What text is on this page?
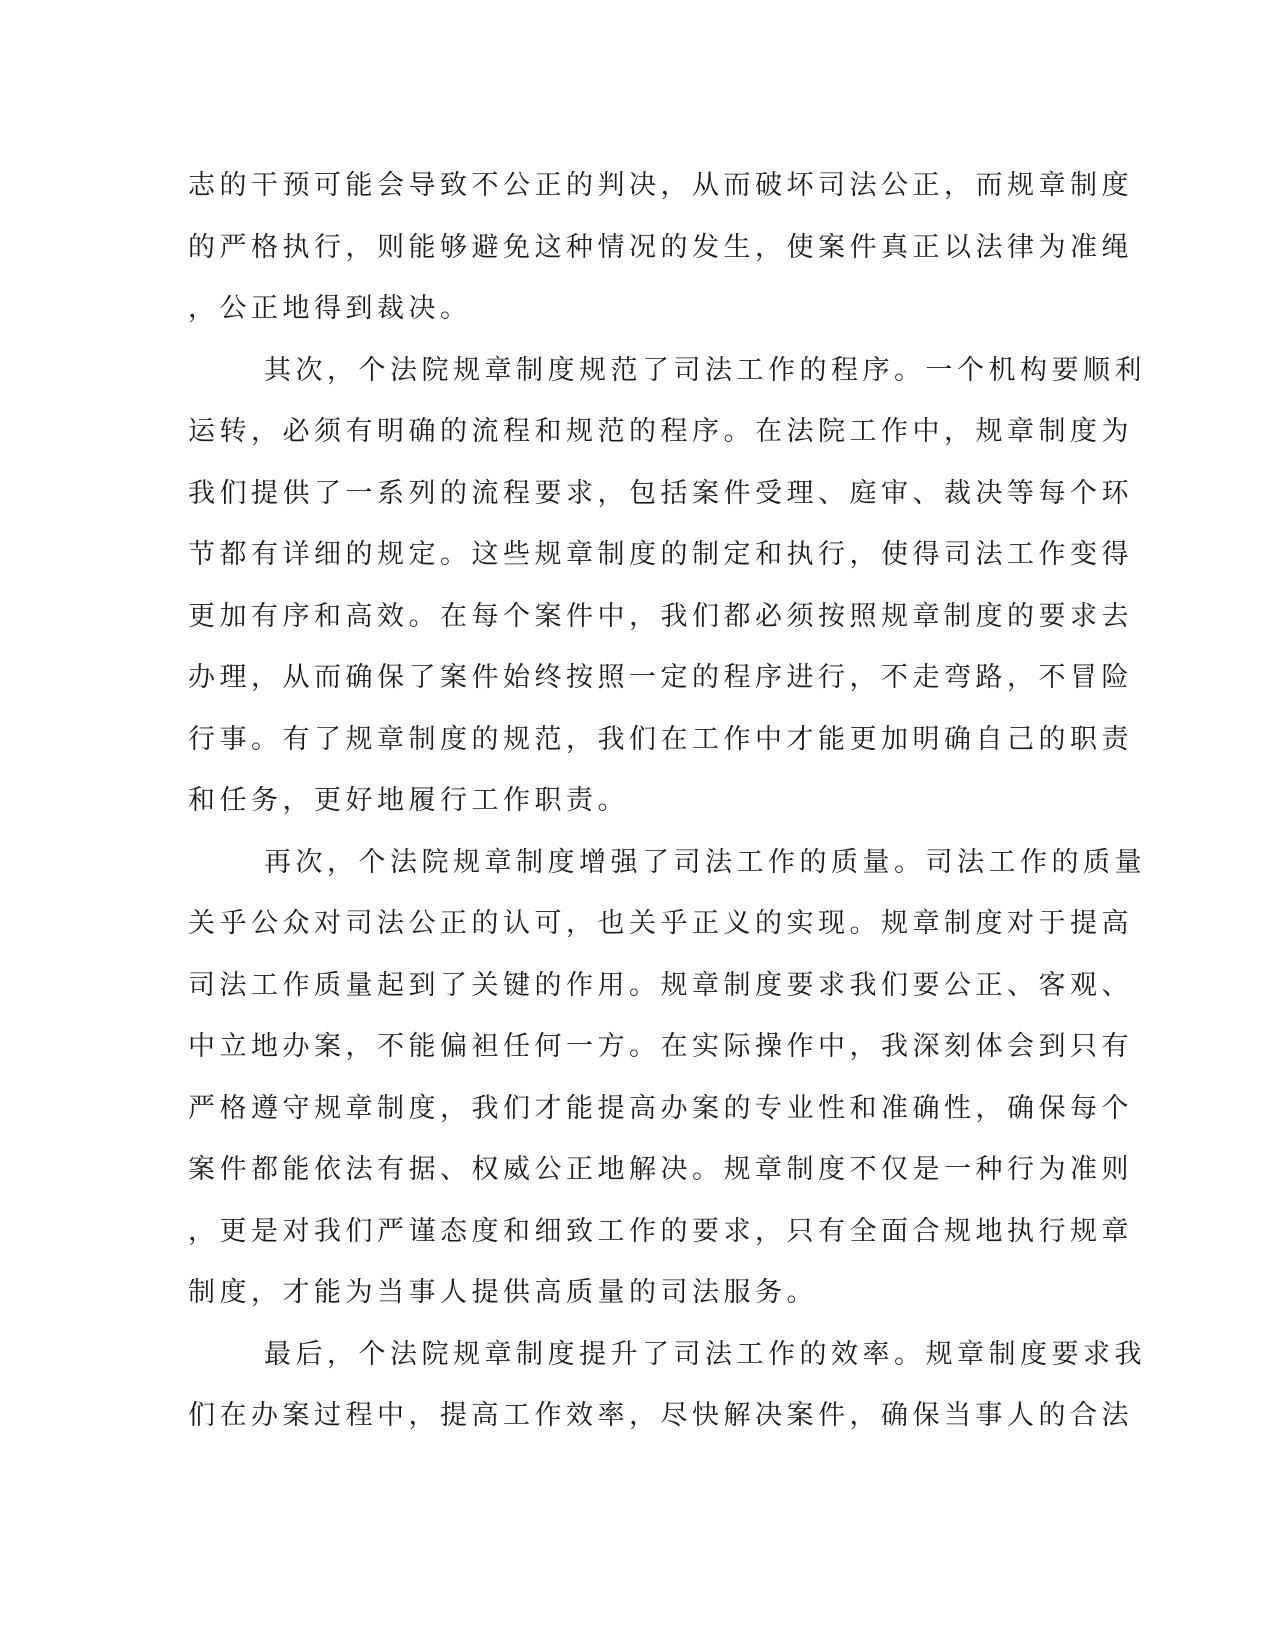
志的干预可能会导致不公正的判决，从而破坏司法公正，而规章制度
的严格执行，则能够避免这种情况的发生，使案件真正以法律为准绳
，公正地得到裁决。
其次，个法院规章制度规范了司法工作的程序。一个机构要顺利
运转，必须有明确的流程和规范的程序。在法院工作中，规章制度为
我们提供了一系列的流程要求，包括案件受理、庭审、裁决等每个环
节都有详细的规定。这些规章制度的制定和执行，使得司法工作变得
更加有序和高效。在每个案件中，我们都必须按照规章制度的要求去
办理，从而确保了案件始终按照一定的程序进行，不走弯路，不冒险
行事。有了规章制度的规范，我们在工作中才能更加明确自己的职责
和任务，更好地履行工作职责。
再次，个法院规章制度增强了司法工作的质量。司法工作的质量
关乎公众对司法公正的认可，也关乎正义的实现。规章制度对于提高
司法工作质量起到了关键的作用。规章制度要求我们要公正、客观、
中立地办案，不能偏袒任何一方。在实际操作中，我深刻体会到只有
严格遵守规章制度，我们才能提高办案的专业性和准确性，确保每个
案件都能依法有据、权威公正地解决。规章制度不仅是一种行为准则
，更是对我们严谨态度和细致工作的要求，只有全面合规地执行规章
制度，才能为当事人提供高质量的司法服务。
最后，个法院规章制度提升了司法工作的效率。规章制度要求我
们在办案过程中，提高工作效率，尽快解决案件，确保当事人的合法
